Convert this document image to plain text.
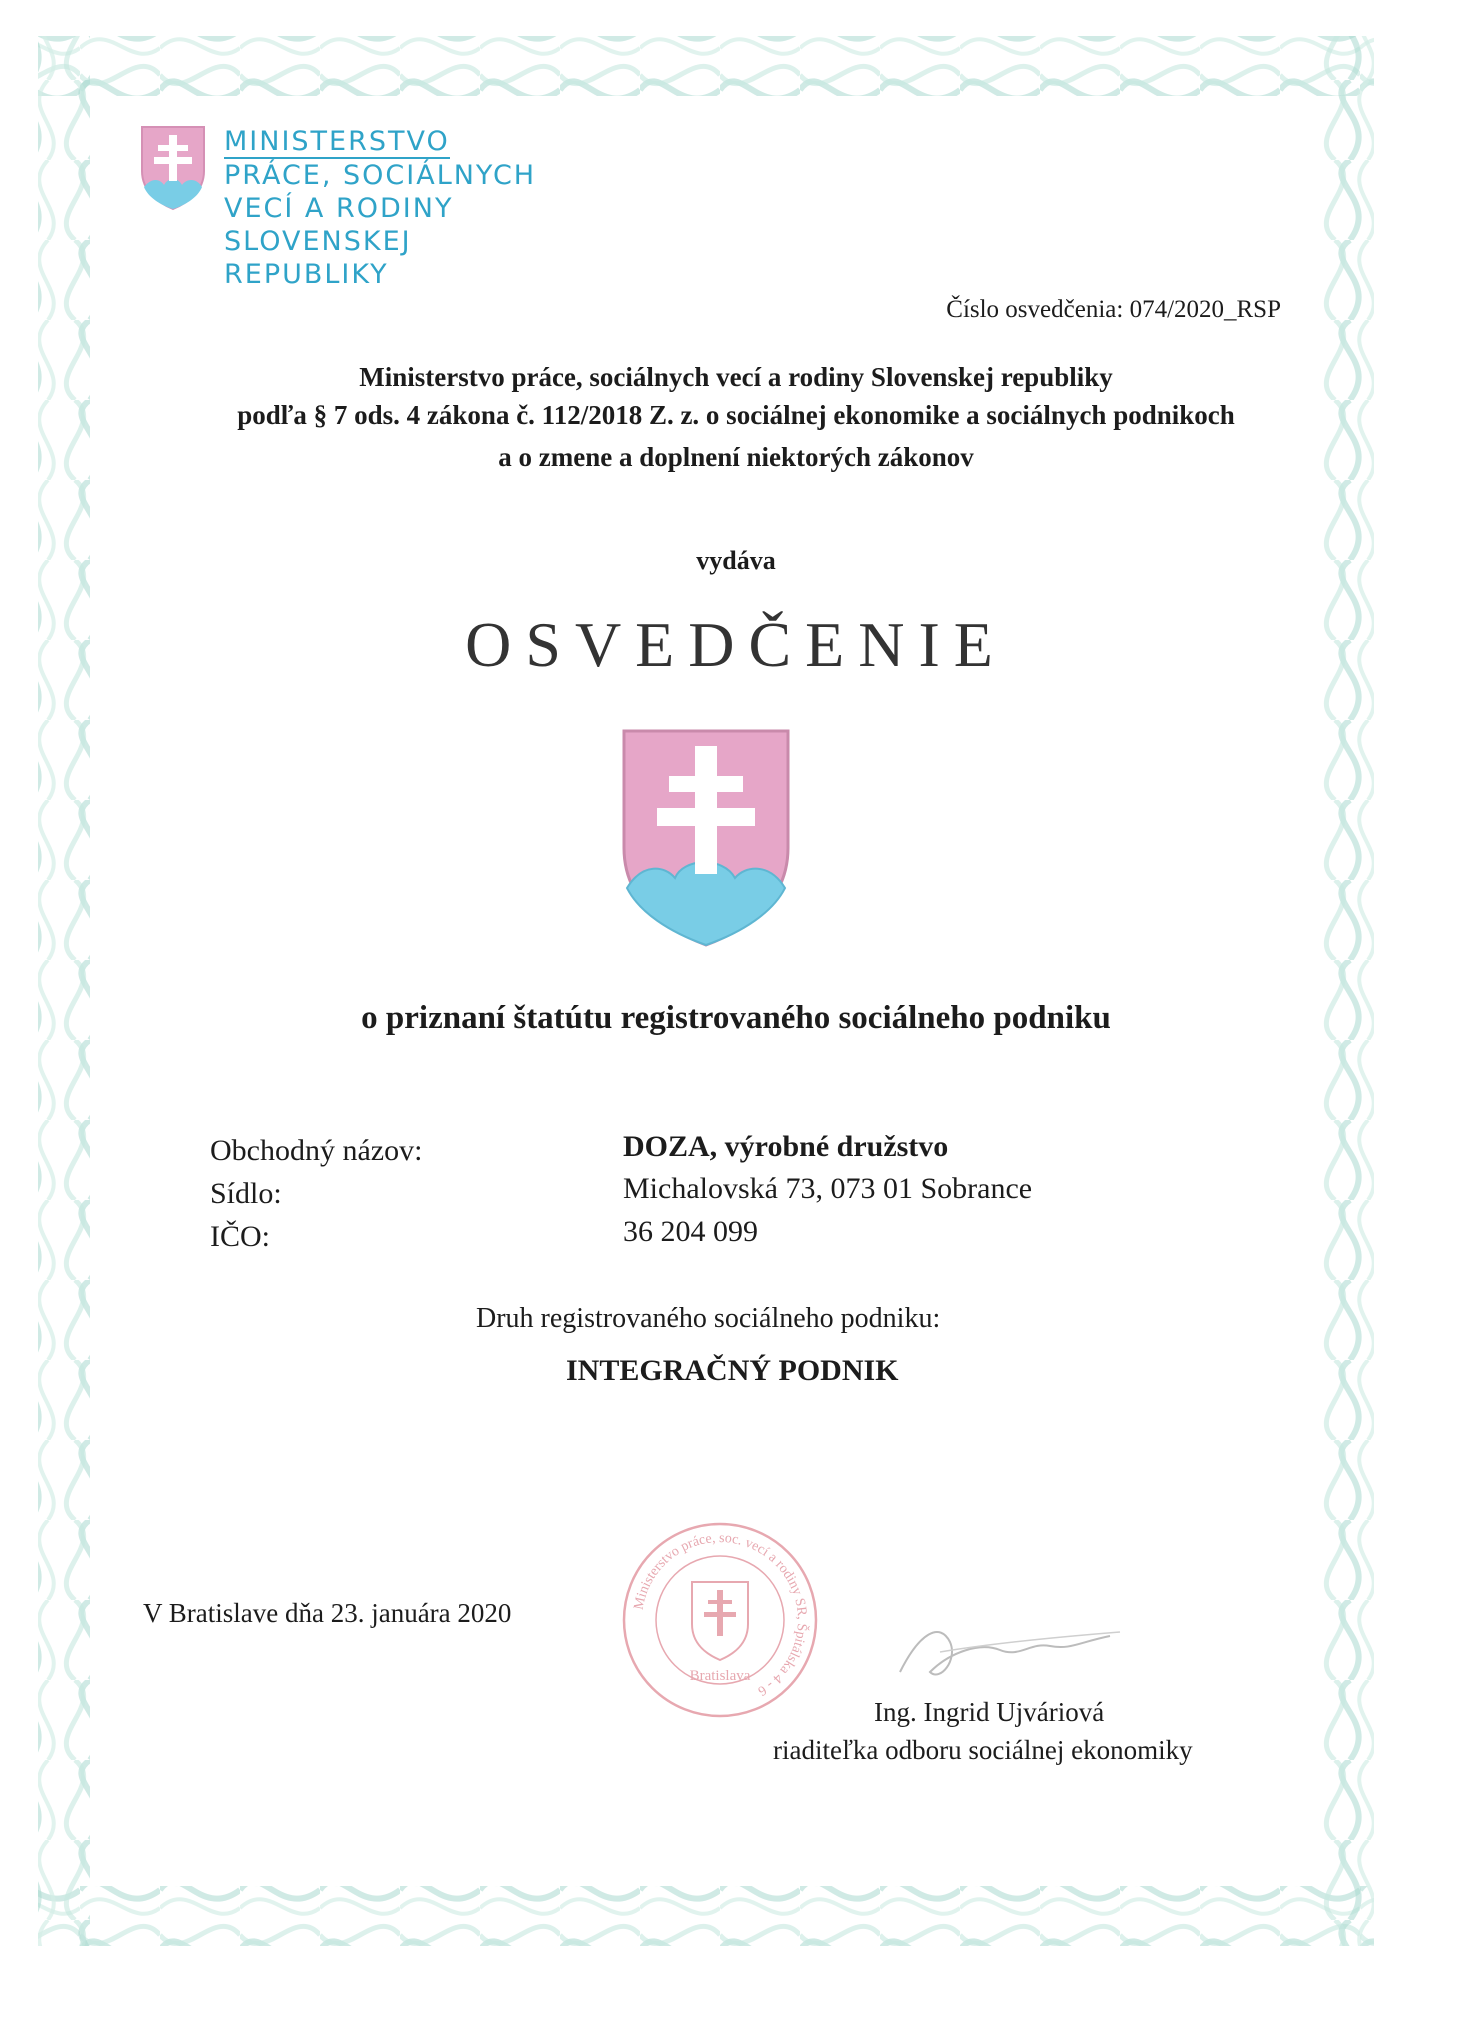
MINISTERSTVO
PRÁCE, SOCIÁLNYCH
VECÍ A RODINY
SLOVENSKEJ REPUBLIKY
Číslo osvedčenia: 074/2020_RSP
Ministerstvo práce, sociálnych vecí a rodiny Slovenskej republiky
podľa § 7 ods. 4 zákona č. 112/2018 Z. z. o sociálnej ekonomike a sociálnych podnikoch
a o zmene a doplnení niektorých zákonov
vydáva
OSVEDČENIE
o priznaní štatútu registrovaného sociálneho podniku
Obchodný názov:	DOZA, výrobné družstvo
Sídlo:	Michalovská 73, 073 01 Sobrance
IČO:	36 204 099
Druh registrovaného sociálneho podniku:
INTEGRAČNÝ PODNIK
V Bratislave dňa 23. januára 2020	Ministerstvo práce, soc. vecí a rodiny SR, Špitálska 4 - 6
Bratislava
Ing. Ingrid Ujváriová
riaditeľka odboru sociálnej ekonomiky
